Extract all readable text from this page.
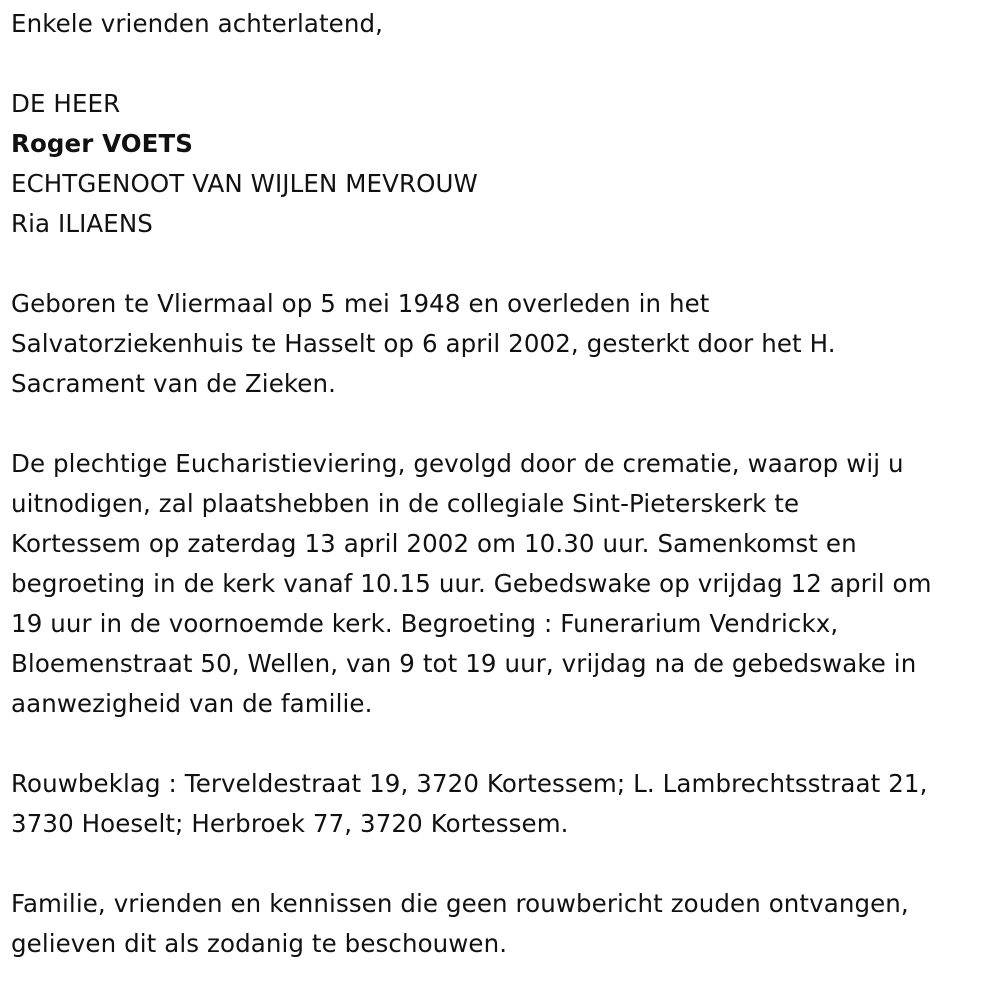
Enkele vrienden achterlatend,
DE HEER
Roger VOETS
ECHTGENOOT VAN WIJLEN MEVROUW
Ria ILIAENS
Geboren te Vliermaal op 5 mei 1948 en overleden in het
Salvatorziekenhuis te Hasselt op 6 april 2002, gesterkt door het H.
Sacrament van de Zieken.
De plechtige Eucharistieviering, gevolgd door de crematie, waarop wij u
uitnodigen, zal plaatshebben in de collegiale Sint-Pieterskerk te
Kortessem op zaterdag 13 april 2002 om 10.30 uur. Samenkomst en
begroeting in de kerk vanaf 10.15 uur. Gebedswake op vrijdag 12 april om
19 uur in de voornoemde kerk. Begroeting : Funerarium Vendrickx,
Bloemenstraat 50, Wellen, van 9 tot 19 uur, vrijdag na de gebedswake in
aanwezigheid van de familie.
Rouwbeklag : Terveldestraat 19, 3720 Kortessem; L. Lambrechtsstraat 21,
3730 Hoeselt; Herbroek 77, 3720 Kortessem.
Familie, vrienden en kennissen die geen rouwbericht zouden ontvangen,
gelieven dit als zodanig te beschouwen.
